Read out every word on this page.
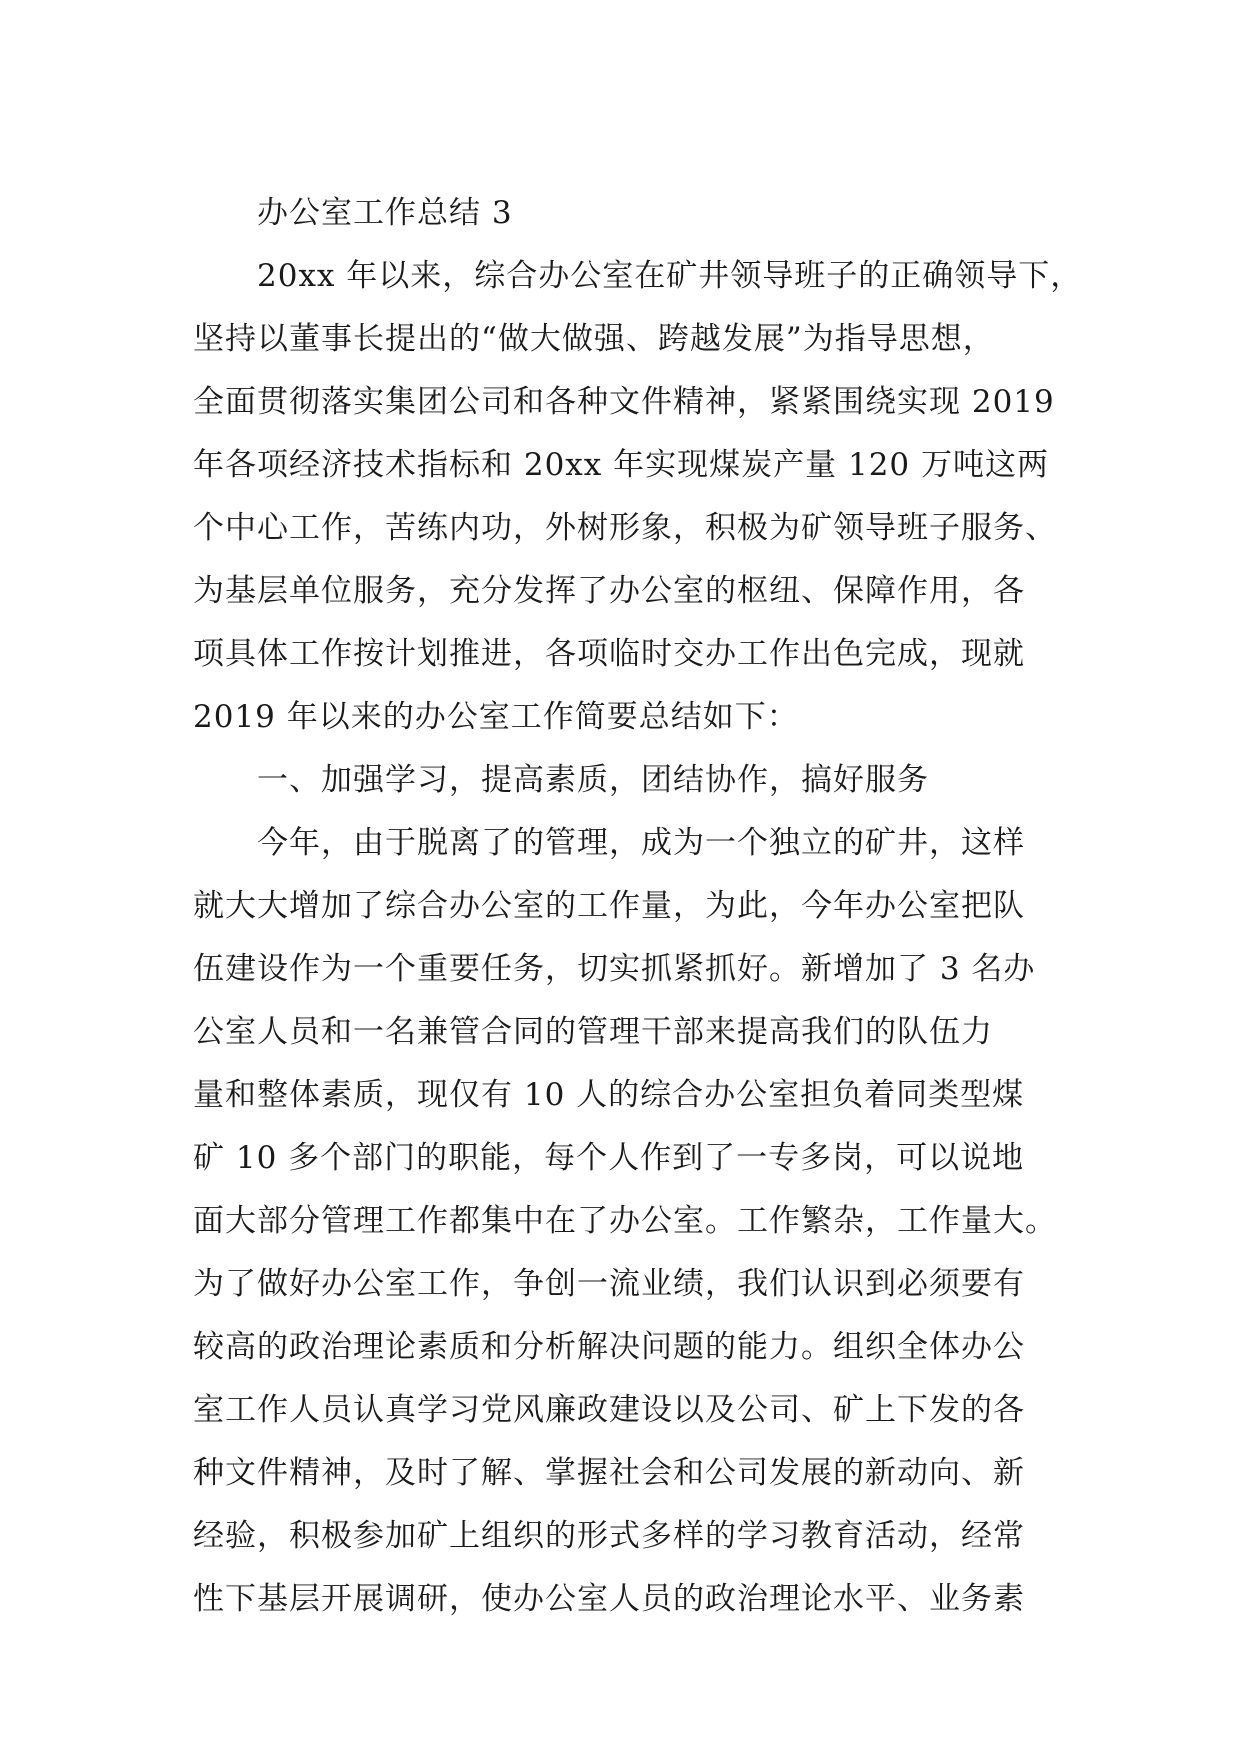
办公室工作总结 3
20xx 年以来，综合办公室在矿井领导班子的正确领导下，
坚持以董事长提出的“做大做强、跨越发展”为指导思想，
全面贯彻落实集团公司和各种文件精神，紧紧围绕实现 2019
年各项经济技术指标和 20xx 年实现煤炭产量 120 万吨这两
个中心工作，苦练内功，外树形象，积极为矿领导班子服务、
为基层单位服务，充分发挥了办公室的枢纽、保障作用，各
项具体工作按计划推进，各项临时交办工作出色完成，现就
2019 年以来的办公室工作简要总结如下：
一、加强学习，提高素质，团结协作，搞好服务
今年，由于脱离了的管理，成为一个独立的矿井，这样
就大大增加了综合办公室的工作量，为此，今年办公室把队
伍建设作为一个重要任务，切实抓紧抓好。新增加了 3 名办
公室人员和一名兼管合同的管理干部来提高我们的队伍力
量和整体素质，现仅有 10 人的综合办公室担负着同类型煤
矿 10 多个部门的职能，每个人作到了一专多岗，可以说地
面大部分管理工作都集中在了办公室。工作繁杂，工作量大。
为了做好办公室工作，争创一流业绩，我们认识到必须要有
较高的政治理论素质和分析解决问题的能力。组织全体办公
室工作人员认真学习党风廉政建设以及公司、矿上下发的各
种文件精神，及时了解、掌握社会和公司发展的新动向、新
经验，积极参加矿上组织的形式多样的学习教育活动，经常
性下基层开展调研，使办公室人员的政治理论水平、业务素
